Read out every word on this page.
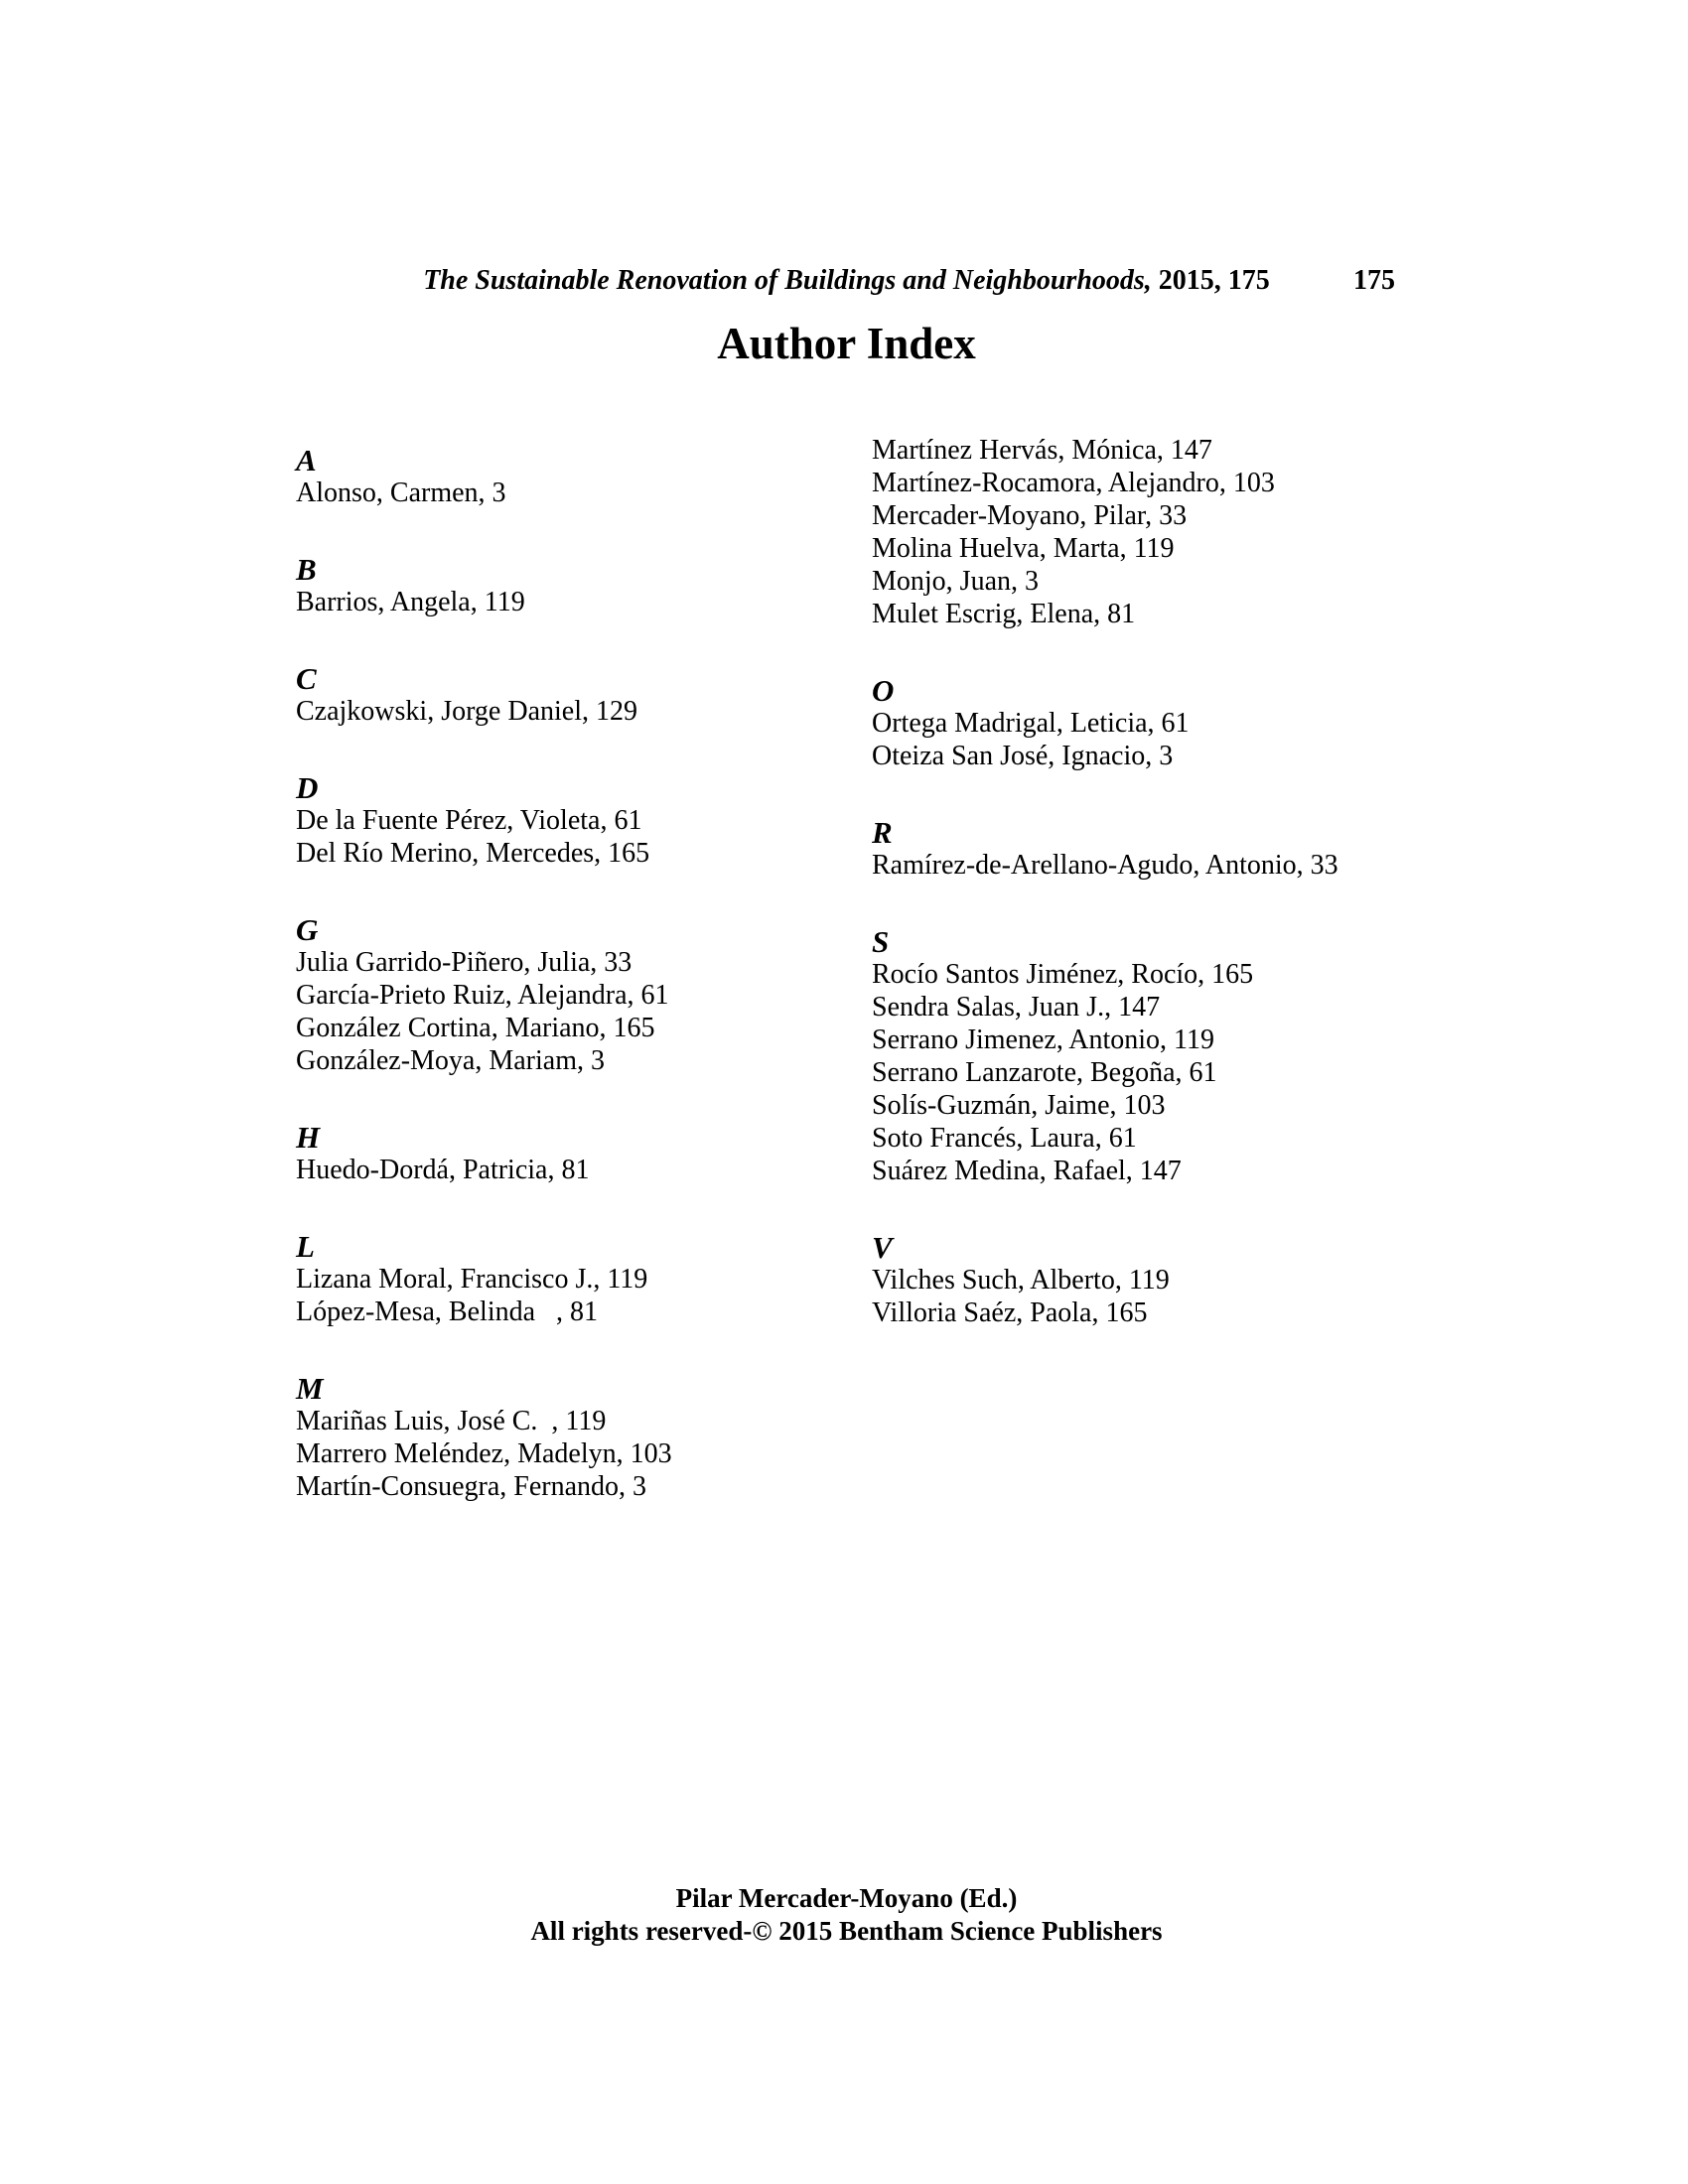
The Sustainable Renovation of Buildings and Neighbourhoods, 2015, 175	175
Author Index
A
Alonso, Carmen, 3
B
Barrios, Angela, 119
C
Czajkowski, Jorge Daniel, 129
D
De la Fuente Pérez, Violeta, 61
Del Río Merino, Mercedes, 165
G
Julia Garrido-Piñero, Julia, 33
García-Prieto Ruiz, Alejandra, 61
González Cortina, Mariano, 165
González-Moya, Mariam, 3
H
Huedo-Dordá, Patricia, 81
L
Lizana Moral, Francisco J., 119
López-Mesa, Belinda   , 81
M
Mariñas Luis, José C.  , 119
Marrero Meléndez, Madelyn, 103
Martín-Consuegra, Fernando, 3
Martínez Hervás, Mónica, 147
Martínez-Rocamora, Alejandro, 103
Mercader-Moyano, Pilar, 33
Molina Huelva, Marta, 119
Monjo, Juan, 3
Mulet Escrig, Elena, 81
O
Ortega Madrigal, Leticia, 61
Oteiza San José, Ignacio, 3
R
Ramírez-de-Arellano-Agudo, Antonio, 33
S
Rocío Santos Jiménez, Rocío, 165
Sendra Salas, Juan J., 147
Serrano Jimenez, Antonio, 119
Serrano Lanzarote, Begoña, 61
Solís-Guzmán, Jaime, 103
Soto Francés, Laura, 61
Suárez Medina, Rafael, 147
V
Vilches Such, Alberto, 119
Villoria Saéz, Paola, 165
Pilar Mercader-Moyano (Ed.)
All rights reserved-© 2015 Bentham Science Publishers
